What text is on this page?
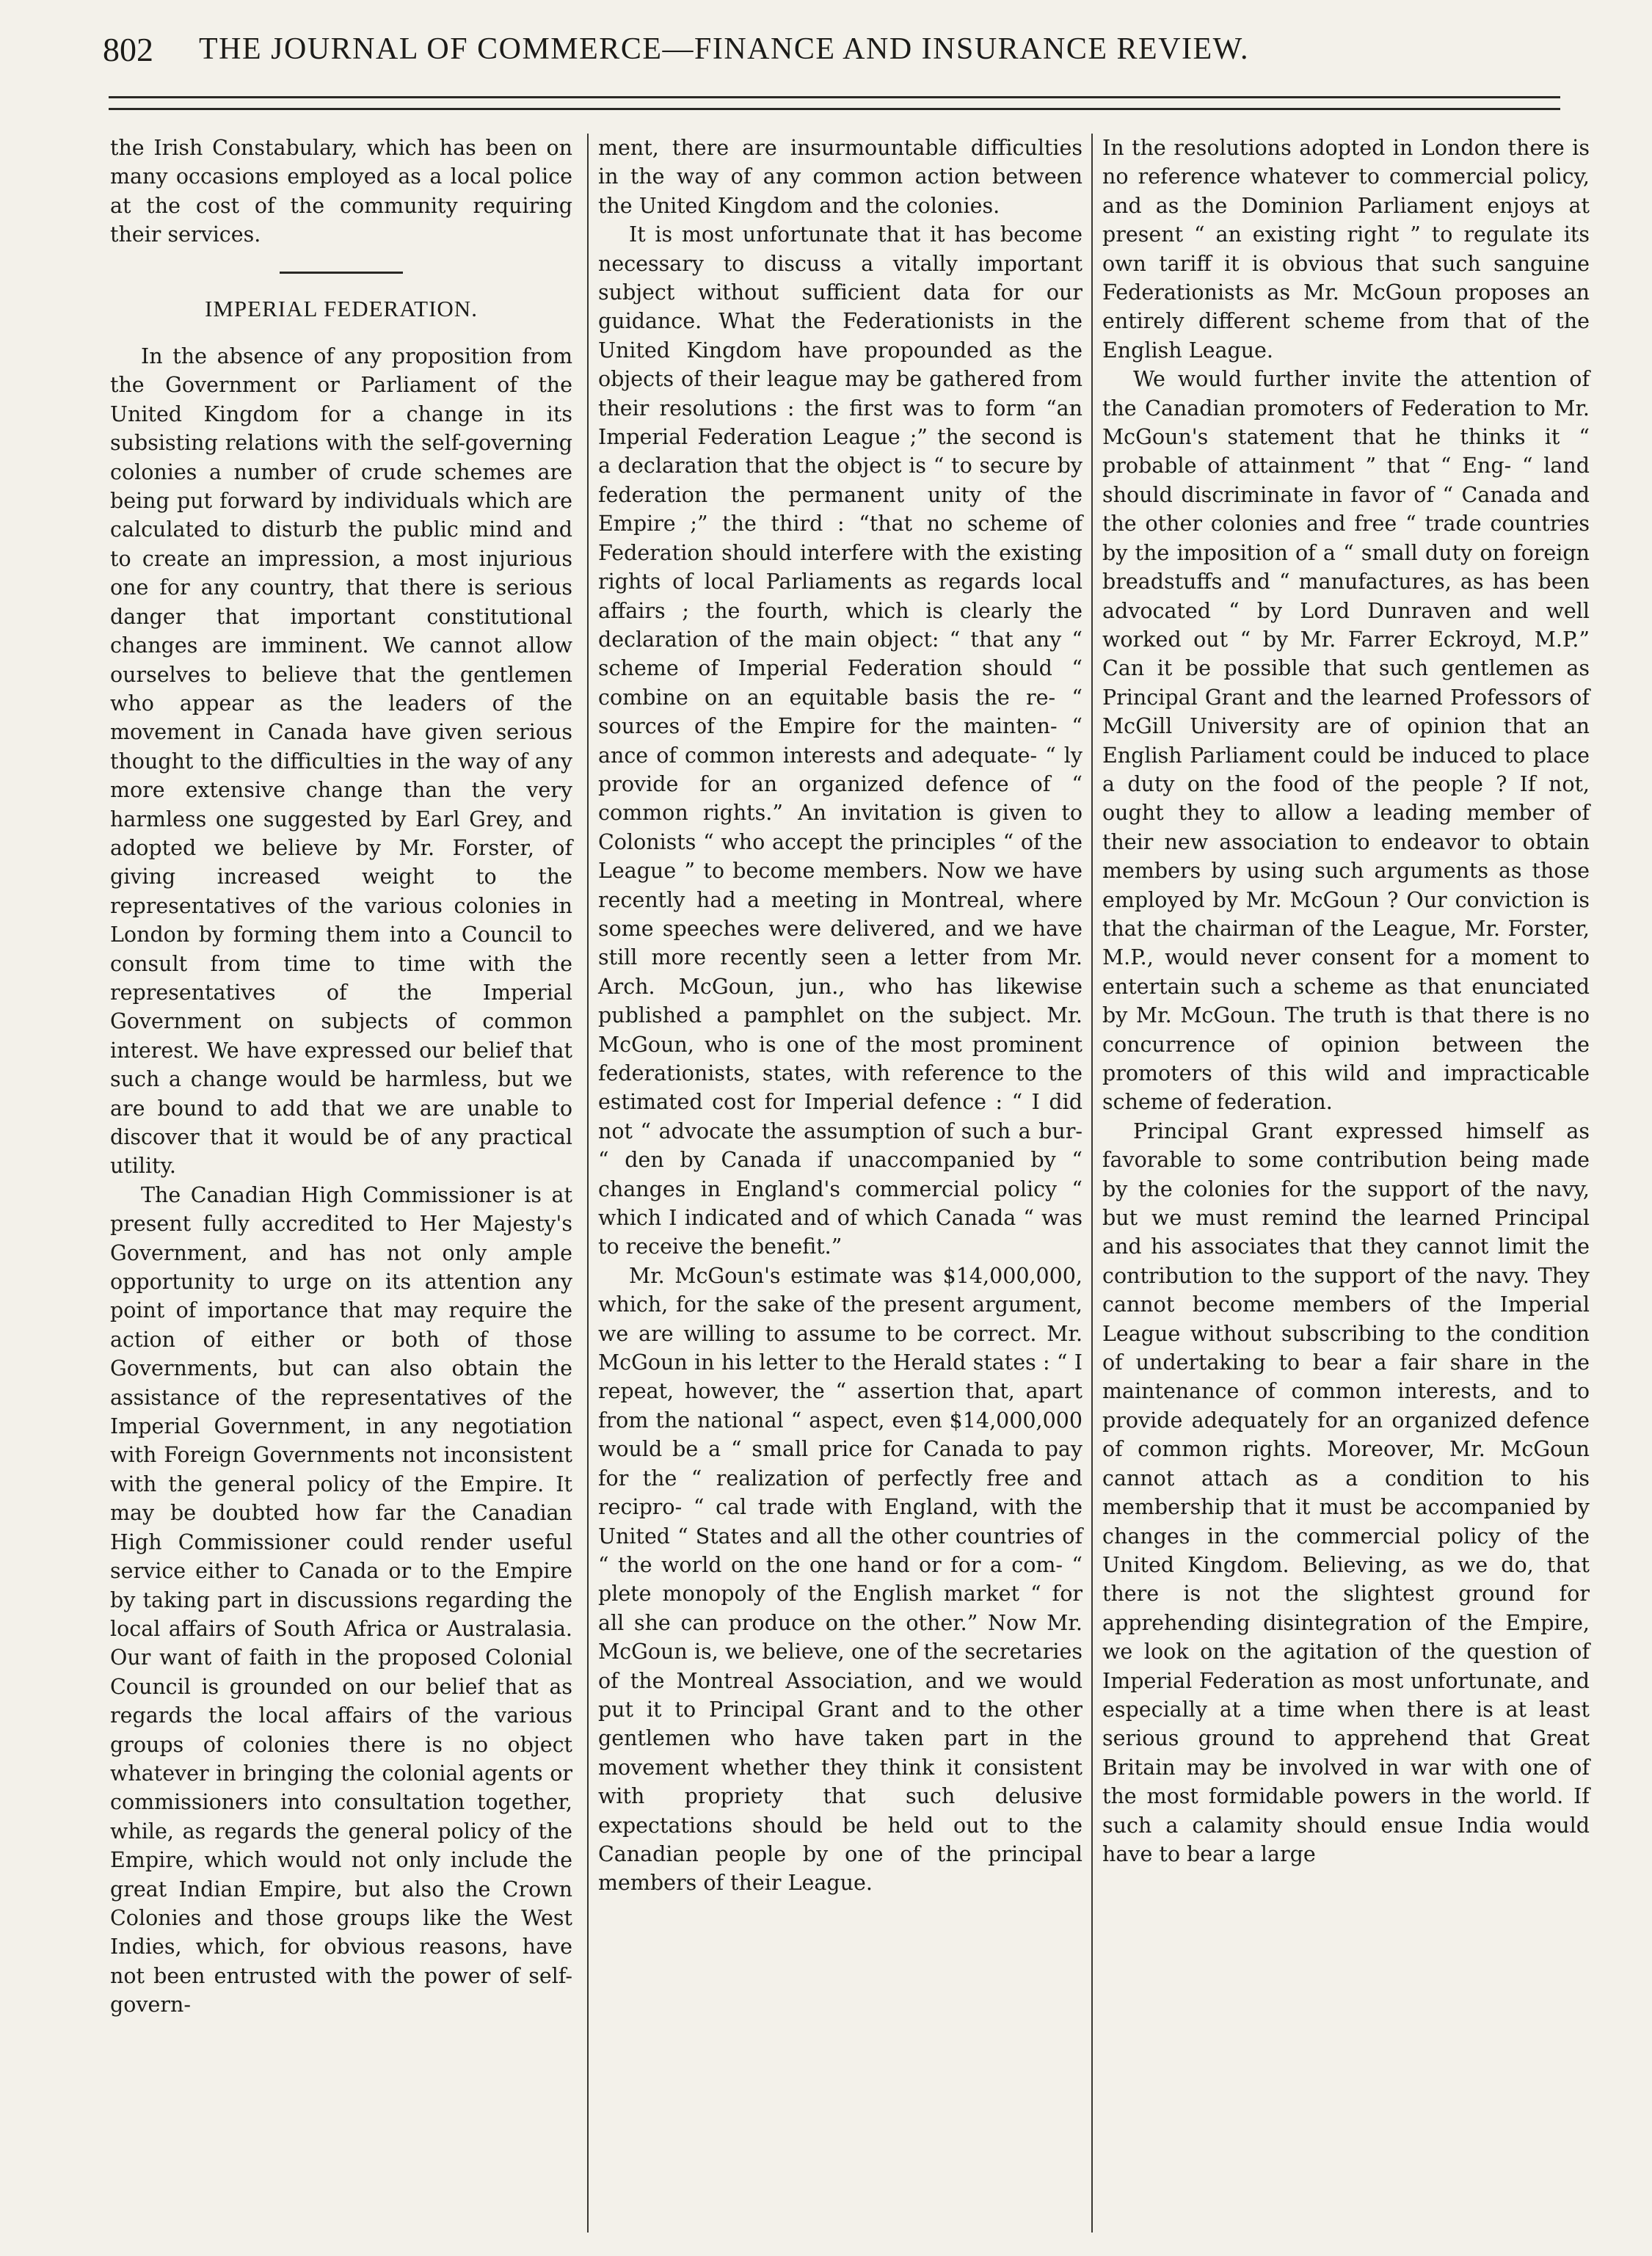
802 THE JOURNAL OF COMMERCE—FINANCE AND INSURANCE REVIEW.

the Irish Constabulary, which has been on many occasions employed as a local police at the cost of the community requiring their services.

IMPERIAL FEDERATION.

In the absence of any proposition from the Government or Parliament of the United Kingdom for a change in its subsisting relations with the self-governing colonies a number of crude schemes are being put forward by individuals which are calculated to disturb the public mind and to create an impression, a most injurious one for any country, that there is serious danger that important constitutional changes are imminent. We cannot allow ourselves to believe that the gentlemen who appear as the leaders of the movement in Canada have given serious thought to the difficulties in the way of any more extensive change than the very harmless one suggested by Earl Grey, and adopted we believe by Mr. Forster, of giving increased weight to the representatives of the various colonies in London by forming them into a Council to consult from time to time with the representatives of the Imperial Government on subjects of common interest. We have expressed our belief that such a change would be harmless, but we are bound to add that we are unable to discover that it would be of any practical utility.

The Canadian High Commissioner is at present fully accredited to Her Majesty's Government, and has not only ample opportunity to urge on its attention any point of importance that may require the action of either or both of those Governments, but can also obtain the assistance of the representatives of the Imperial Government, in any negotiation with Foreign Governments not inconsistent with the general policy of the Empire. It may be doubted how far the Canadian High Commissioner could render useful service either to Canada or to the Empire by taking part in discussions regarding the local affairs of South Africa or Australasia. Our want of faith in the proposed Colonial Council is grounded on our belief that as regards the local affairs of the various groups of colonies there is no object whatever in bringing the colonial agents or commissioners into consultation together, while, as regards the general policy of the Empire, which would not only include the great Indian Empire, but also the Crown Colonies and those groups like the West Indies, which, for obvious reasons, have not been entrusted with the power of self-govern-

ment, there are insurmountable difficulties in the way of any common action between the United Kingdom and the colonies.

It is most unfortunate that it has become necessary to discuss a vitally important subject without sufficient data for our guidance. What the Federationists in the United Kingdom have propounded as the objects of their league may be gathered from their resolutions : the first was to form “an Imperial Federation League ;” the second is a declaration that the object is “ to secure by federation the permanent unity of the Empire ;” the third : “that no scheme of Federation should interfere with the existing rights of local Parliaments as regards local affairs ; the fourth, which is clearly the declaration of the main object: “ that any “ scheme of Imperial Federation should “ combine on an equitable basis the re- “ sources of the Empire for the mainten- “ ance of common interests and adequate- “ ly provide for an organized defence of “ common rights.” An invitation is given to Colonists “ who accept the principles “ of the League ” to become members. Now we have recently had a meeting in Montreal, where some speeches were delivered, and we have still more recently seen a letter from Mr. Arch. McGoun, jun., who has likewise published a pamphlet on the subject. Mr. McGoun, who is one of the most prominent federationists, states, with reference to the estimated cost for Imperial defence : “ I did not “ advocate the assumption of such a bur- “ den by Canada if unaccompanied by “ changes in England's commercial policy “ which I indicated and of which Canada “ was to receive the benefit.”

Mr. McGoun's estimate was $14,000,000, which, for the sake of the present argument, we are willing to assume to be correct. Mr. McGoun in his letter to the Herald states : “ I repeat, however, the “ assertion that, apart from the national “ aspect, even $14,000,000 would be a “ small price for Canada to pay for the “ realization of perfectly free and recipro- “ cal trade with England, with the United “ States and all the other countries of “ the world on the one hand or for a com- “ plete monopoly of the English market “ for all she can produce on the other.” Now Mr. McGoun is, we believe, one of the secretaries of the Montreal Association, and we would put it to Principal Grant and to the other gentlemen who have taken part in the movement whether they think it consistent with propriety that such delusive expectations should be held out to the Canadian people by one of the principal members of their League.

In the resolutions adopted in London there is no reference whatever to commercial policy, and as the Dominion Parliament enjoys at present “ an existing right ” to regulate its own tariff it is obvious that such sanguine Federationists as Mr. McGoun proposes an entirely different scheme from that of the English League.

We would further invite the attention of the Canadian promoters of Federation to Mr. McGoun's statement that he thinks it “ probable of attainment ” that “ Eng- “ land should discriminate in favor of “ Canada and the other colonies and free “ trade countries by the imposition of a “ small duty on foreign breadstuffs and “ manufactures, as has been advocated “ by Lord Dunraven and well worked out “ by Mr. Farrer Eckroyd, M.P.” Can it be possible that such gentlemen as Principal Grant and the learned Professors of McGill University are of opinion that an English Parliament could be induced to place a duty on the food of the people ? If not, ought they to allow a leading member of their new association to endeavor to obtain members by using such arguments as those employed by Mr. McGoun ? Our conviction is that the chairman of the League, Mr. Forster, M.P., would never consent for a moment to entertain such a scheme as that enunciated by Mr. McGoun. The truth is that there is no concurrence of opinion between the promoters of this wild and impracticable scheme of federation.

Principal Grant expressed himself as favorable to some contribution being made by the colonies for the support of the navy, but we must remind the learned Principal and his associates that they cannot limit the contribution to the support of the navy. They cannot become members of the Imperial League without subscribing to the condition of undertaking to bear a fair share in the maintenance of common interests, and to provide adequately for an organized defence of common rights. Moreover, Mr. McGoun cannot attach as a condition to his membership that it must be accompanied by changes in the commercial policy of the United Kingdom. Believing, as we do, that there is not the slightest ground for apprehending disintegration of the Empire, we look on the agitation of the question of Imperial Federation as most unfortunate, and especially at a time when there is at least serious ground to apprehend that Great Britain may be involved in war with one of the most formidable powers in the world. If such a calamity should ensue India would have to bear a large
